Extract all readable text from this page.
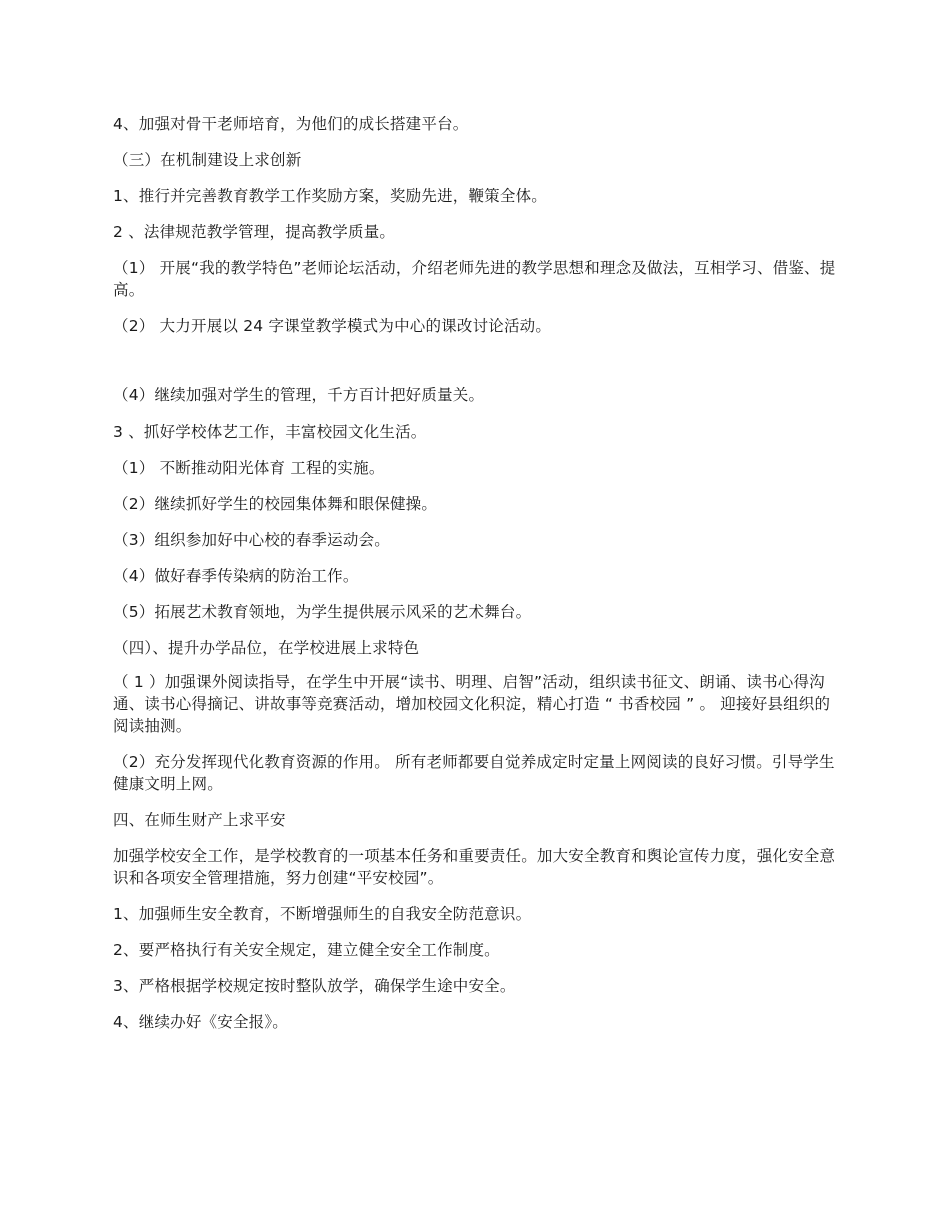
4、加强对骨干老师培育，为他们的成长搭建平台。

（三）在机制建设上求创新

1、推行并完善教育教学工作奖励方案，奖励先进，鞭策全体。

2 、法律规范教学管理，提高教学质量。

（1） 开展“我的教学特色”老师论坛活动，介绍老师先进的教学思想和理念及做法，互相学习、借鉴、提高。

（2） 大力开展以 24 字课堂教学模式为中心的课改讨论活动。

（4）继续加强对学生的管理，千方百计把好质量关。

3 、抓好学校体艺工作，丰富校园文化生活。

（1） 不断推动阳光体育 工程的实施。

（2）继续抓好学生的校园集体舞和眼保健操。

（3）组织参加好中心校的春季运动会。

（4）做好春季传染病的防治工作。

（5）拓展艺术教育领地，为学生提供展示风采的艺术舞台。

（四）、提升办学品位，在学校进展上求特色

（ 1 ）加强课外阅读指导，在学生中开展“读书、明理、启智”活动，组织读书征文、朗诵、读书心得沟通、读书心得摘记、讲故事等竞赛活动，增加校园文化积淀，精心打造 “ 书香校园 ” 。 迎接好县组织的阅读抽测。

（2）充分发挥现代化教育资源的作用。 所有老师都要自觉养成定时定量上网阅读的良好习惯。引导学生健康文明上网。

四、在师生财产上求平安

加强学校安全工作，是学校教育的一项基本任务和重要责任。加大安全教育和舆论宣传力度，强化安全意识和各项安全管理措施，努力创建“平安校园”。

1、加强师生安全教育，不断增强师生的自我安全防范意识。

2、要严格执行有关安全规定，建立健全安全工作制度。

3、严格根据学校规定按时整队放学，确保学生途中安全。

4、继续办好《安全报》。
